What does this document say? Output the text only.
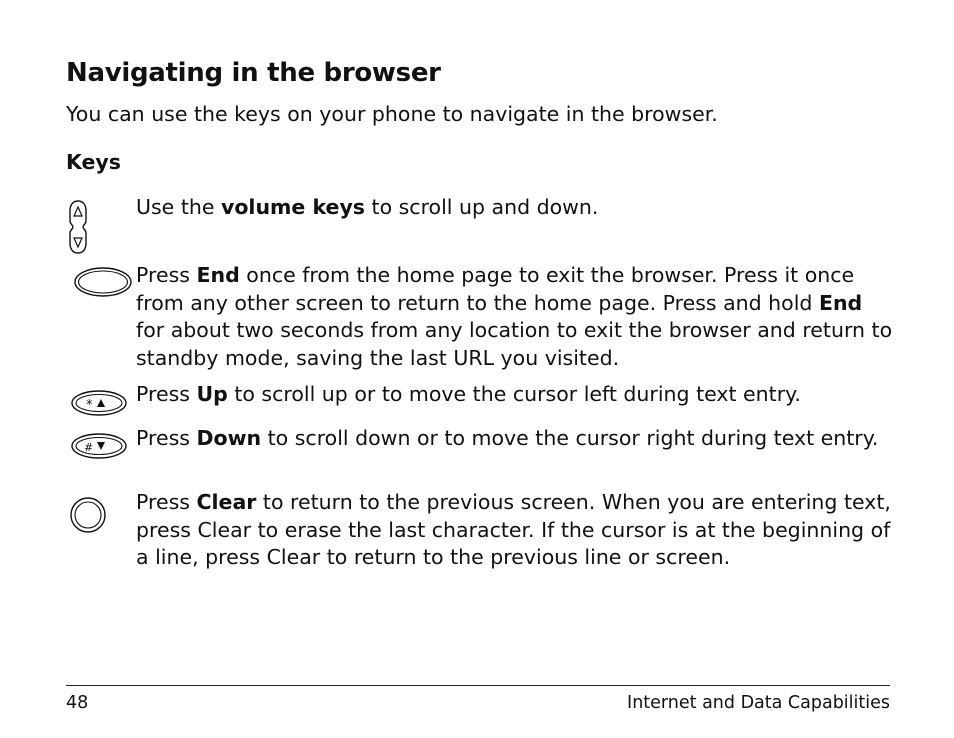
Navigating in the browser

You can use the keys on your phone to navigate in the browser.

Keys

Use the volume keys to scroll up and down.

Press End once from the home page to exit the browser. Press it once from any other screen to return to the home page. Press and hold End for about two seconds from any location to exit the browser and return to standby mode, saving the last URL you visited.

* Press Up to scroll up or to move the cursor left during text entry.

# Press Down to scroll down or to move the cursor right during text entry.

Press Clear to return to the previous screen. When you are entering text, press Clear to erase the last character. If the cursor is at the beginning of a line, press Clear to return to the previous line or screen.

48	Internet and Data Capabilities
